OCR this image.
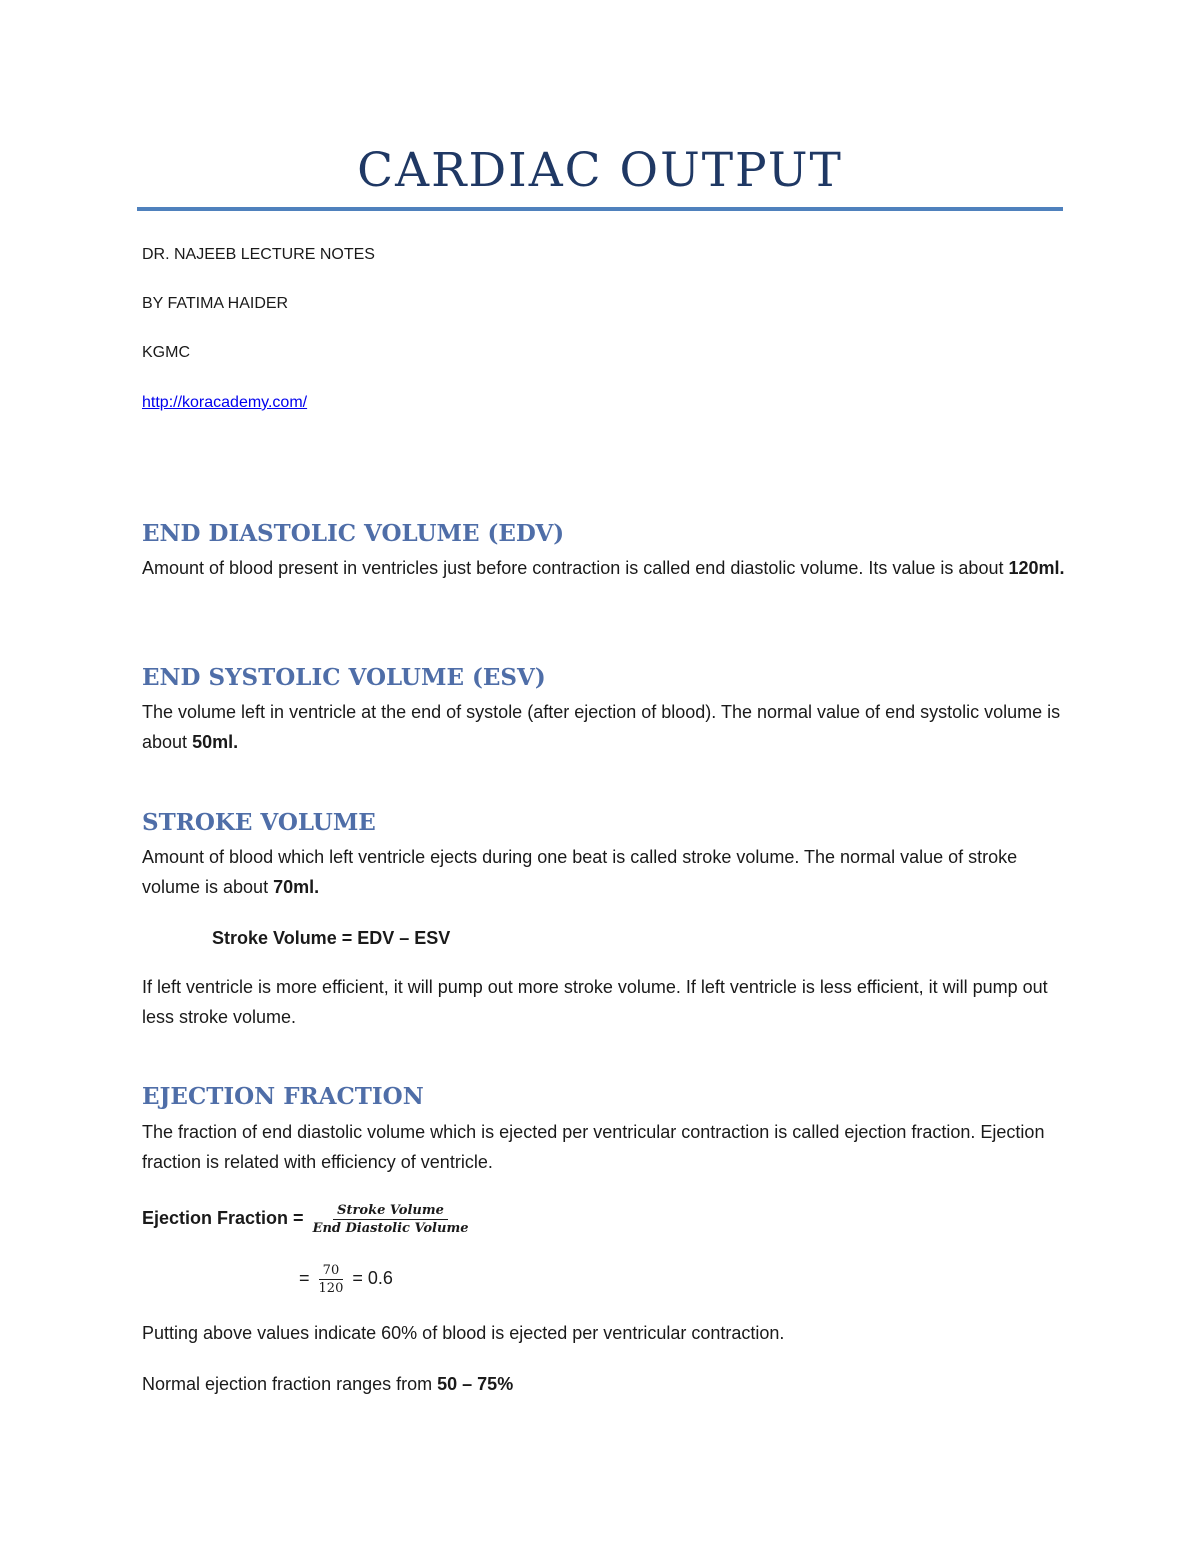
CARDIAC OUTPUT
DR. NAJEEB LECTURE NOTES
BY FATIMA HAIDER
KGMC
http://koracademy.com/
END DIASTOLIC VOLUME (EDV)

Amount of blood present in ventricles just before contraction is called end diastolic volume. Its value is about 120ml.

END SYSTOLIC VOLUME (ESV)

The volume left in ventricle at the end of systole (after ejection of blood). The normal value of end systolic volume is about 50ml.

STROKE VOLUME

Amount of blood which left ventricle ejects during one beat is called stroke volume. The normal value of stroke volume is about 70ml.

Stroke Volume = EDV – ESV

If left ventricle is more efficient, it will pump out more stroke volume. If left ventricle is less efficient, it will pump out less stroke volume.

EJECTION FRACTION

The fraction of end diastolic volume which is ejected per ventricular contraction is called ejection fraction. Ejection fraction is related with efficiency of ventricle.

Ejection Fraction = $\frac{\text{Stroke Volume}}{\text{End Diastolic Volume}}$
= $\frac{70}{120} = 0.6$

Putting above values indicate 60% of blood is ejected per ventricular contraction.

Normal ejection fraction ranges from 50 – 75%
